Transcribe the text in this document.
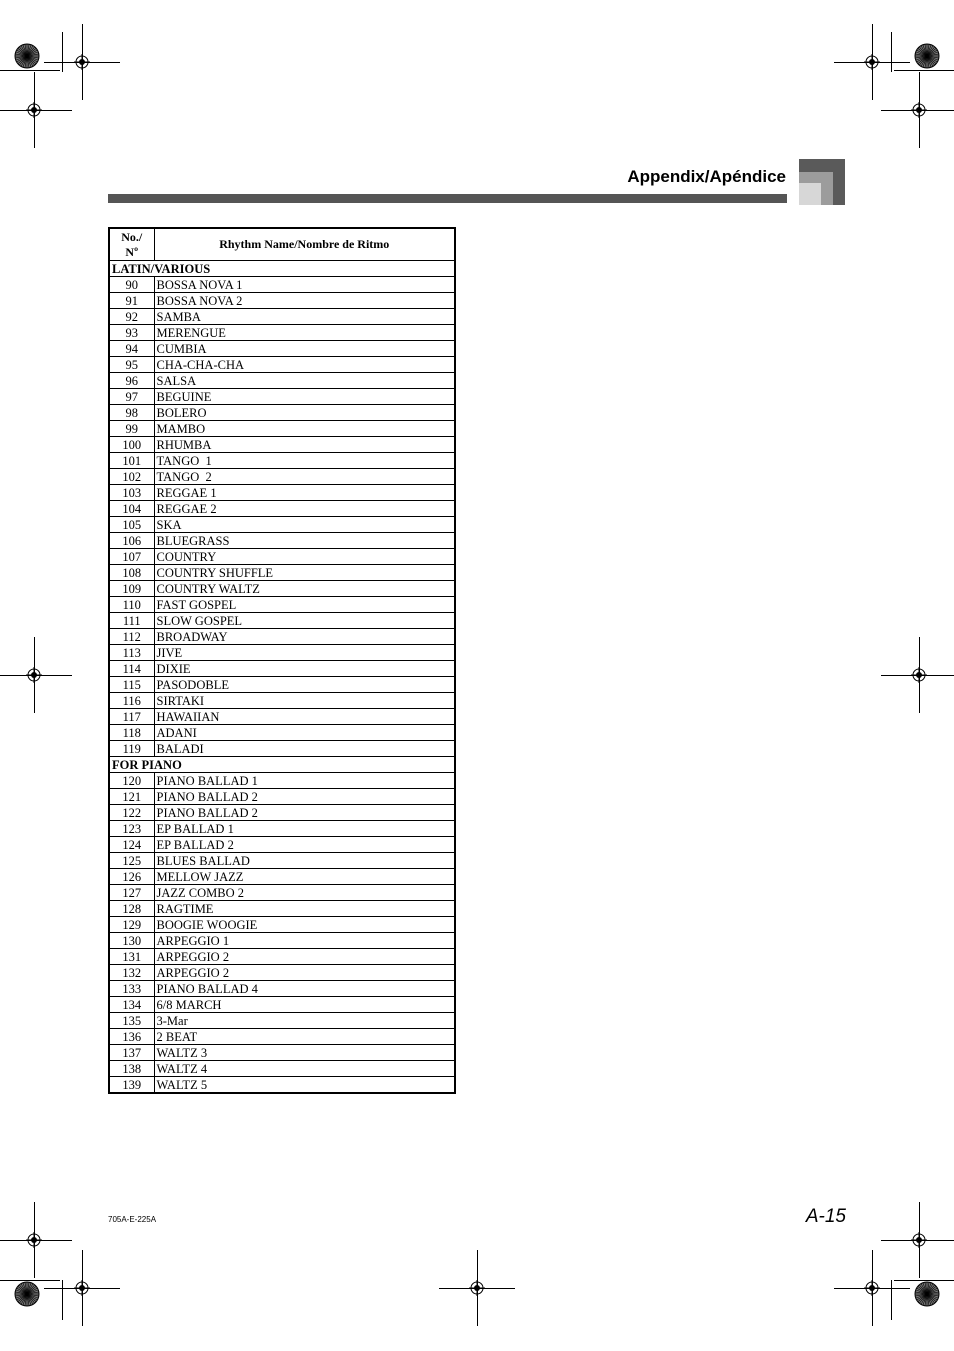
Appendix/Apéndice
No./
Nº	Rhythm Name/Nombre de Ritmo
LATIN/VARIOUS	
90	BOSSA NOVA 1
91	BOSSA NOVA 2
92	SAMBA
93	MERENGUE
94	CUMBIA
95	CHA-CHA-CHA
96	SALSA
97	BEGUINE
98	BOLERO
99	MAMBO
100	RHUMBA
101	TANGO  1
102	TANGO  2
103	REGGAE 1
104	REGGAE 2
105	SKA
106	BLUEGRASS
107	COUNTRY
108	COUNTRY SHUFFLE
109	COUNTRY WALTZ
110	FAST GOSPEL
111	SLOW GOSPEL
112	BROADWAY
113	JIVE
114	DIXIE
115	PASODOBLE
116	SIRTAKI
117	HAWAIIAN
118	ADANI
119	BALADI
FOR PIANO	
120	PIANO BALLAD 1
121	PIANO BALLAD 2
122	PIANO BALLAD 2
123	EP BALLAD 1
124	EP BALLAD 2
125	BLUES BALLAD
126	MELLOW JAZZ
127	JAZZ COMBO 2
128	RAGTIME
129	BOOGIE WOOGIE
130	ARPEGGIO 1
131	ARPEGGIO 2
132	ARPEGGIO 2
133	PIANO BALLAD 4
134	6/8 MARCH
135	3-Mar
136	2 BEAT
137	WALTZ 3
138	WALTZ 4
139	WALTZ 5
705A-E-225A	A-15
